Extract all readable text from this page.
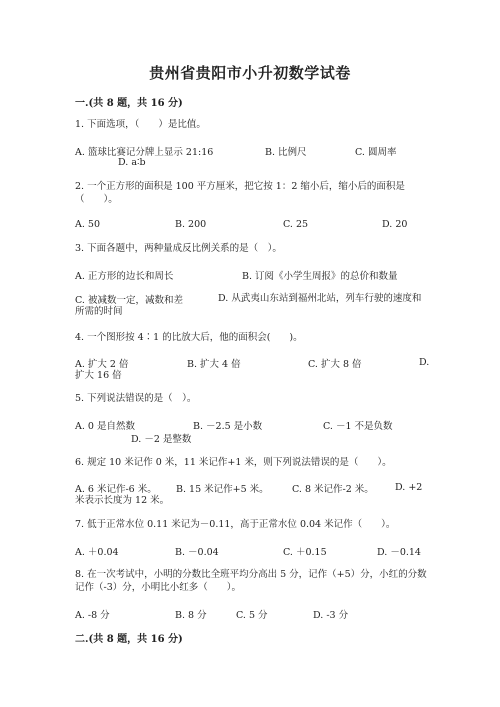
贵州省贵阳市小升初数学试卷
一.(共 8 题，共 16 分)
1. 下面选项，（　　）是比值。
A. 篮球比赛记分牌上显示 21:16	B. 比例尺	C. 圆周率
D. a∶b
2. 一个正方形的面积是 100 平方厘米，把它按 1：2 缩小后，缩小后的面积是（　　）。
A. 50	B. 200	C. 25	D. 20
3. 下面各题中，两种量成反比例关系的是（　）。
A. 正方形的边长和周长	B. 订阅《小学生周报》的总价和数量
C. 被减数一定，减数和差	D. 从武夷山东站到福州北站，列车行驶的速度和所需的时间
4. 一个图形按 4∶1 的比放大后，他的面积会(　　)。
A. 扩大 2 倍	B. 扩大 4 倍	C. 扩大 8 倍	D. 扩大 16 倍
5. 下列说法错误的是（　）。
A. 0 是自然数	B. －2.5 是小数	C. －1 不是负数
D. －2 是整数
6. 规定 10 米记作 0 米，11 米记作+1 米，则下列说法错误的是（　　）。
A. 6 米记作-6 米。 B. 15 米记作+5 米。 C. 8 米记作-2 米。	D. +2 米表示长度为 12 米。
7. 低于正常水位 0.11 米记为－0.11，高于正常水位 0.04 米记作（　　）。
A. ＋0.04	B. －0.04	C. ＋0.15	D. －0.14
8. 在一次考试中，小明的分数比全班平均分高出 5 分，记作（+5）分，小红的分数记作（-3）分，小明比小红多（　　）。
A. -8 分	B. 8 分	C. 5 分	D. -3 分
二.(共 8 题，共 16 分)
